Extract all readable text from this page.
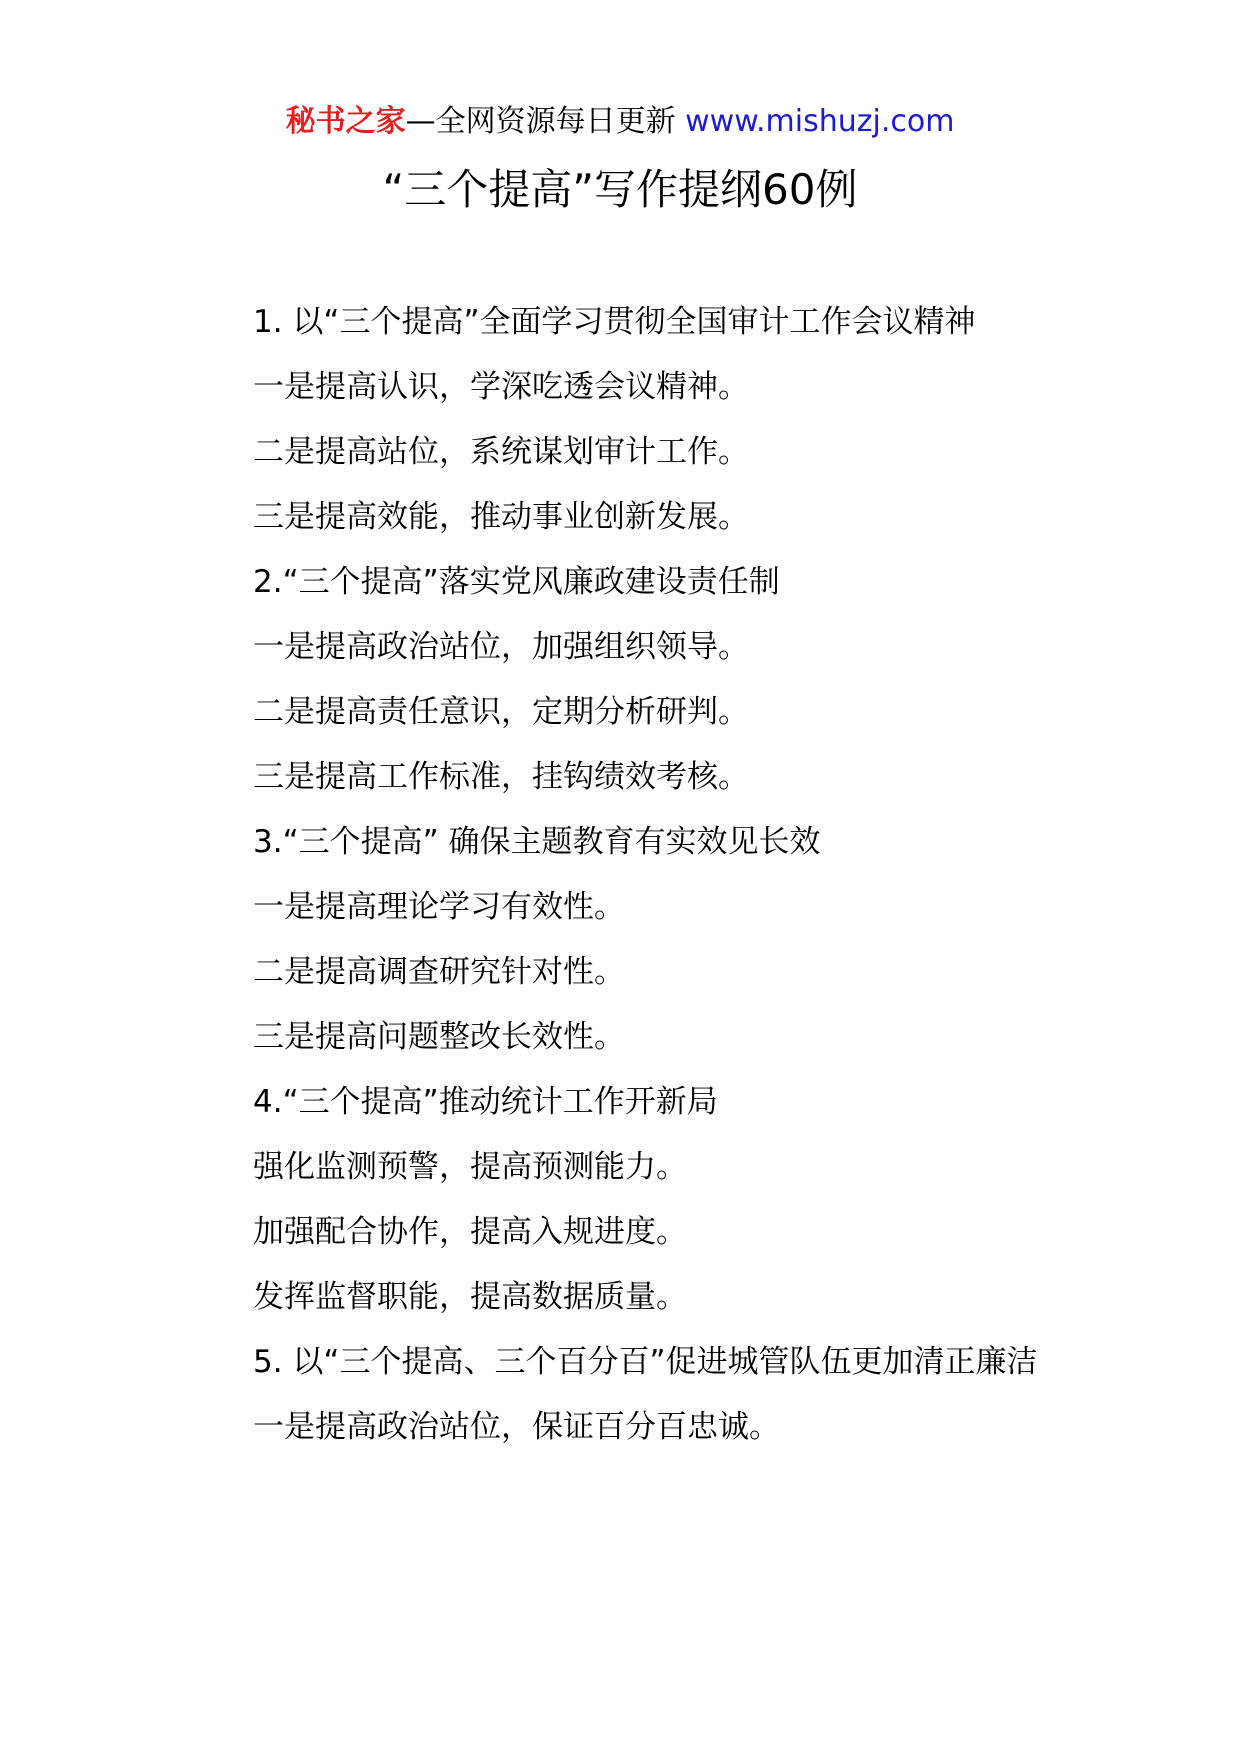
秘书之家—全网资源每日更新 www.mishuzj.com
“三个提高”写作提纲60例

1. 以“三个提高”全面学习贯彻全国审计工作会议精神

一是提高认识，学深吃透会议精神。

二是提高站位，系统谋划审计工作。

三是提高效能，推动事业创新发展。

2.“三个提高”落实党风廉政建设责任制

一是提高政治站位，加强组织领导。

二是提高责任意识，定期分析研判。

三是提高工作标准，挂钩绩效考核。

3.“三个提高” 确保主题教育有实效见长效

一是提高理论学习有效性。

二是提高调查研究针对性。

三是提高问题整改长效性。

4.“三个提高”推动统计工作开新局

强化监测预警，提高预测能力。

加强配合协作，提高入规进度。

发挥监督职能，提高数据质量。

5. 以“三个提高、三个百分百”促进城管队伍更加清正廉洁

一是提高政治站位，保证百分百忠诚。
